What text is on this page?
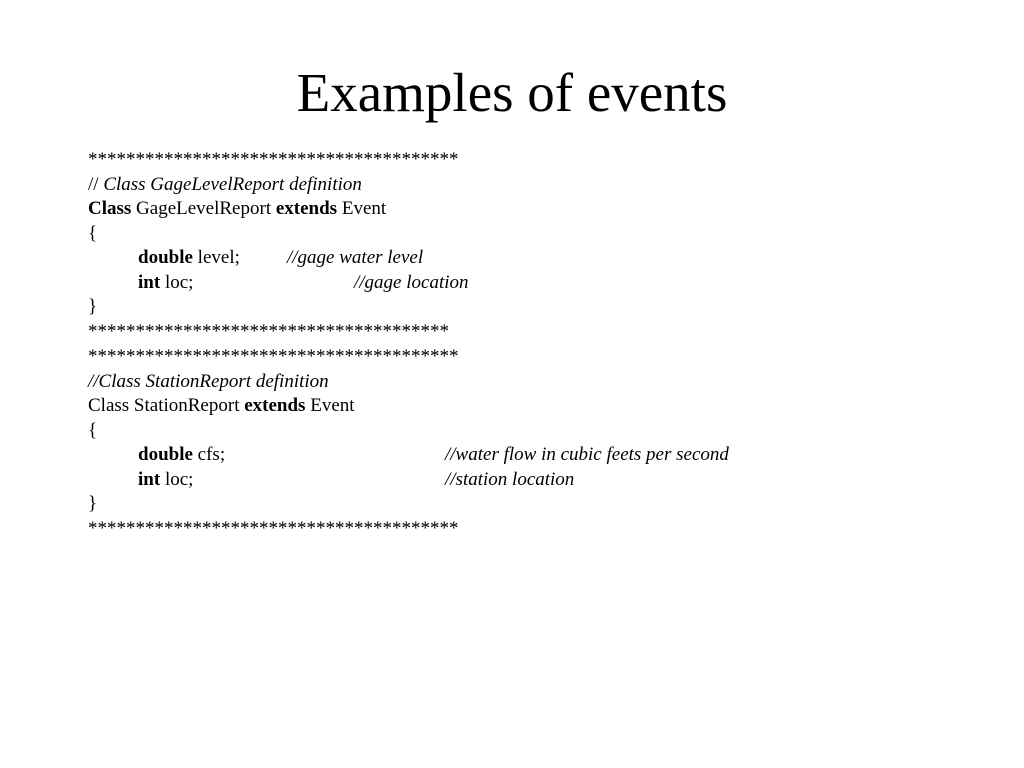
Examples of events
***************************************
// Class GageLevelReport definition
Class GageLevelReport extends Event
{
double level; //gage water level
int loc;	//gage location
}
**************************************
***************************************
//Class StationReport definition
Class StationReport extends Event
{
double cfs;	//water flow in cubic feets per second
int loc;	//station location
}
***************************************
